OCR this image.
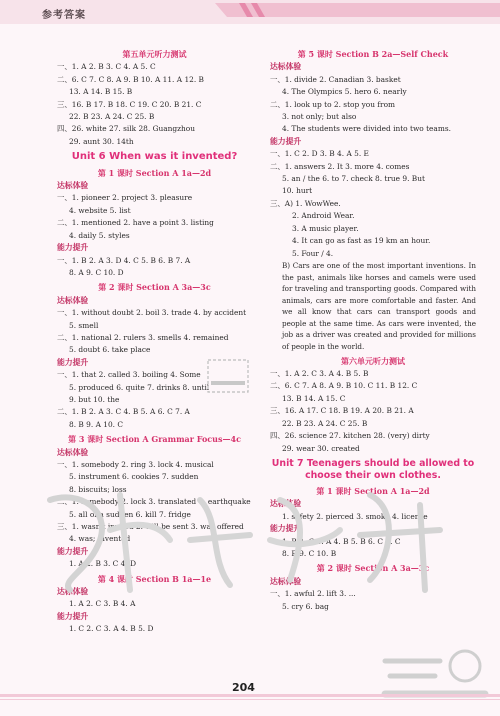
参考答案
第五单元听力测试
一、1. A 2. B 3. C 4. A 5. C
二、6. C 7. C 8. A 9. B 10. A 11. A 12. B
13. A 14. B 15. B
三、16. B 17. B 18. C 19. C 20. B 21. C
22. B 23. A 24. C 25. B
四、26. white 27. silk 28. Guangzhou
29. aunt 30. 14th
Unit 6 When was it invented?
第 1 课时 Section A 1a—2d
达标体验
一、1. pioneer 2. project 3. pleasure
4. website 5. list
二、1. mentioned 2. have a point 3. listing
4. daily 5. styles
能力提升
一、1. B 2. A 3. D 4. C 5. B 6. B 7. A
8. A 9. C 10. D
第 2 课时 Section A 3a—3c
达标体验
一、1. without doubt 2. boil 3. trade 4. by accident
5. smell
二、1. national 2. rulers 3. smells 4. remained
5. doubt 6. take place
能力提升
一、1. that 2. called 3. boiling 4. Some
5. produced 6. quite 7. drinks 8. until
9. but 10. the
二、1. B 2. A 3. C 4. B 5. A 6. C 7. A
8. B 9. A 10. C
第 3 课时 Section A Grammar Focus—4c
达标体验
一、1. somebody 2. ring 3. lock 4. musical
5. instrument 6. cookies 7. sudden
8. biscuits; loss
二、1. somebody 2. lock 3. translated 4. earthquake
5. all of a sudden 6. kill 7. fridge
三、1. wasn't invited 2. will be sent 3. was offered
4. was; invented
能力提升
1. A 2. B 3. C 4. D
第 4 课时 Section B 1a—1e
达标体验
1. A 2. C 3. B 4. A
能力提升
1. C 2. C 3. A 4. B 5. D
第 5 课时 Section B 2a—Self Check
达标体验
一、1. divide 2. Canadian 3. basket
4. The Olympics 5. hero 6. nearly
二、1. look up to 2. stop you from
3. not only; but also
4. The students were divided into two teams.
能力提升
一、1. C 2. D 3. B 4. A 5. E
二、1. answers 2. It 3. more 4. comes
5. an / the 6. to 7. check 8. true 9. But
10. hurt
三、A) 1. WowWee.
2. Android Wear.
3. A music player.
4. It can go as fast as 19 km an hour.
5. Four / 4.
B) Cars are one of the most important inventions. In the past, animals like horses and camels were used for traveling and transporting goods. Compared with animals, cars are more comfortable and faster. And we all know that cars can transport goods and people at the same time. As cars were invented, the job as a driver was created and provided for millions of people in the world.
第六单元听力测试
一、1. A 2. C 3. A 4. B 5. B
二、6. C 7. A 8. A 9. B 10. C 11. B 12. C
13. B 14. A 15. C
三、16. A 17. C 18. B 19. A 20. B 21. A
22. B 23. A 24. C 25. B
四、26. science 27. kitchen 28. (very) dirty
29. wear 30. created
Unit 7 Teenagers should be allowed to choose their own clothes.
第 1 课时 Section A 1a—2d
达标体验
1. safety 2. pierced 3. smoke 4. license
能力提升
1. B 2. C 3. A 4. B 5. B 6. C 7. C
8. B 9. C 10. B
第 2 课时 Section A 3a—3c
达标体验
一、1. awful 2. lift 3. ...
5. cry 6. bag
204
